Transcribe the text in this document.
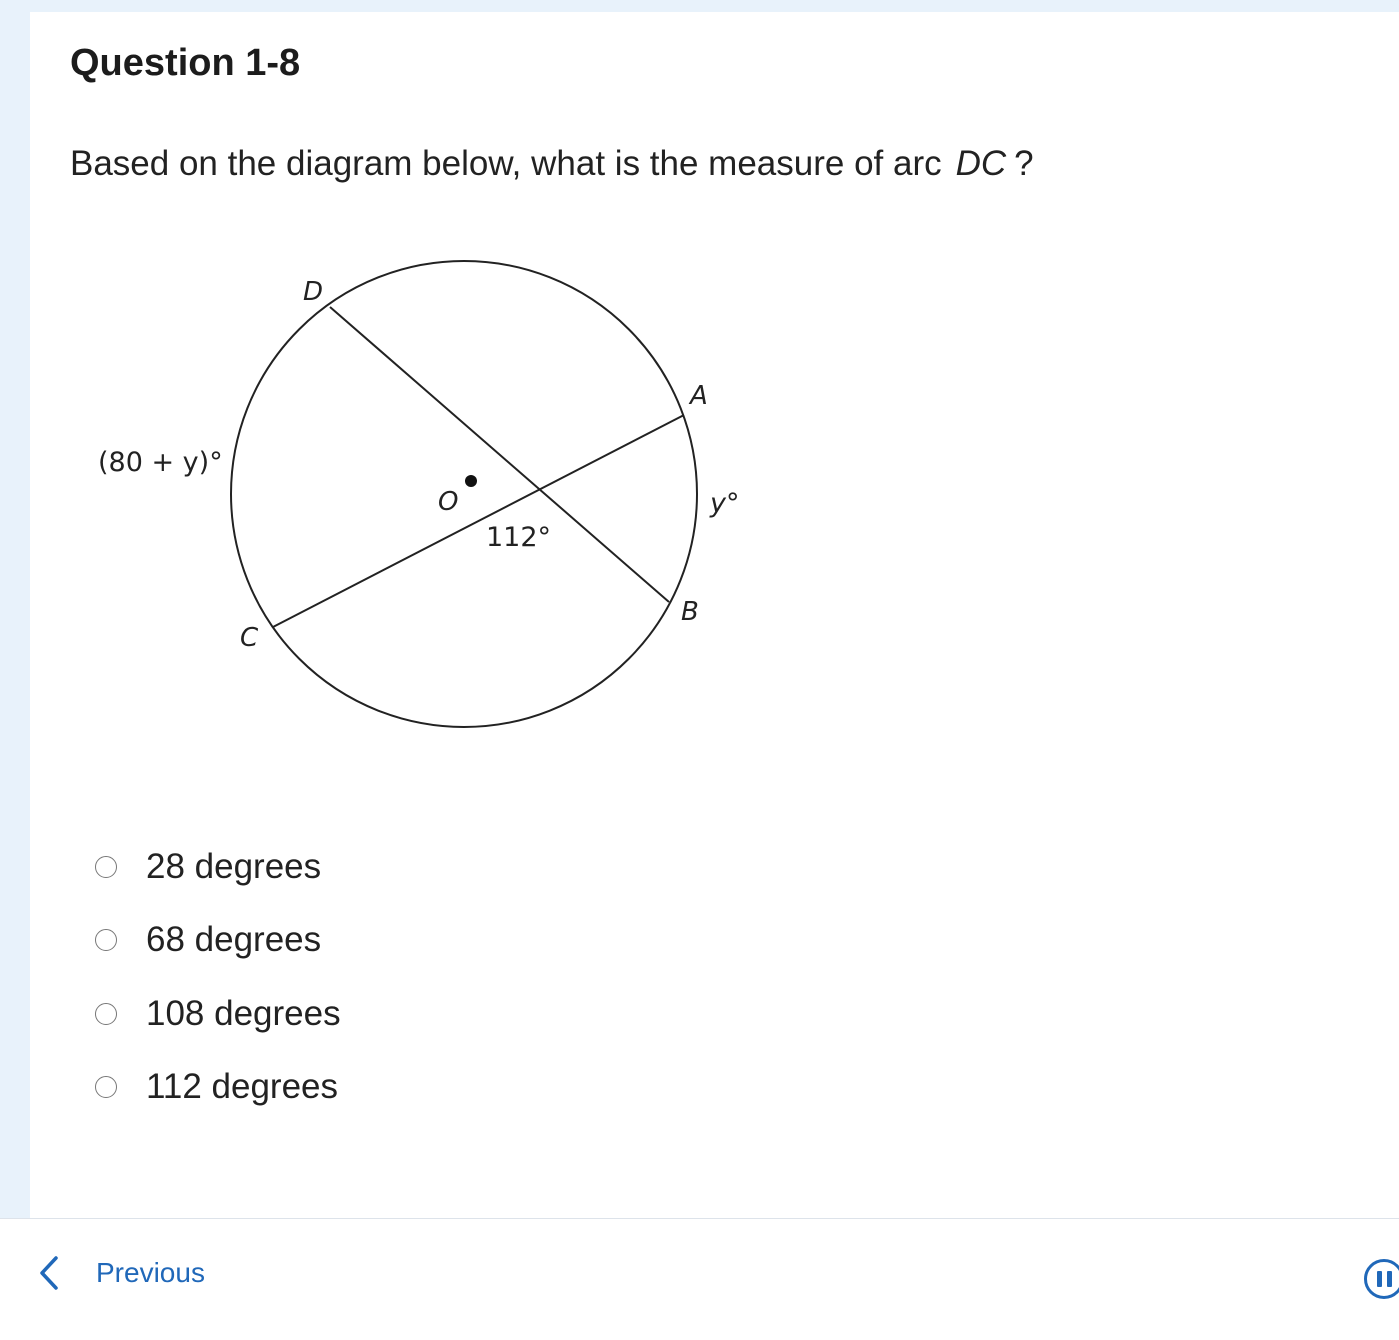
Question 1-8
Based on the diagram below, what is the measure of arc DC ?
D
A
B
C
O
(80 + y)°
y°
112°
28 degrees
68 degrees
108 degrees
112 degrees
Previous
